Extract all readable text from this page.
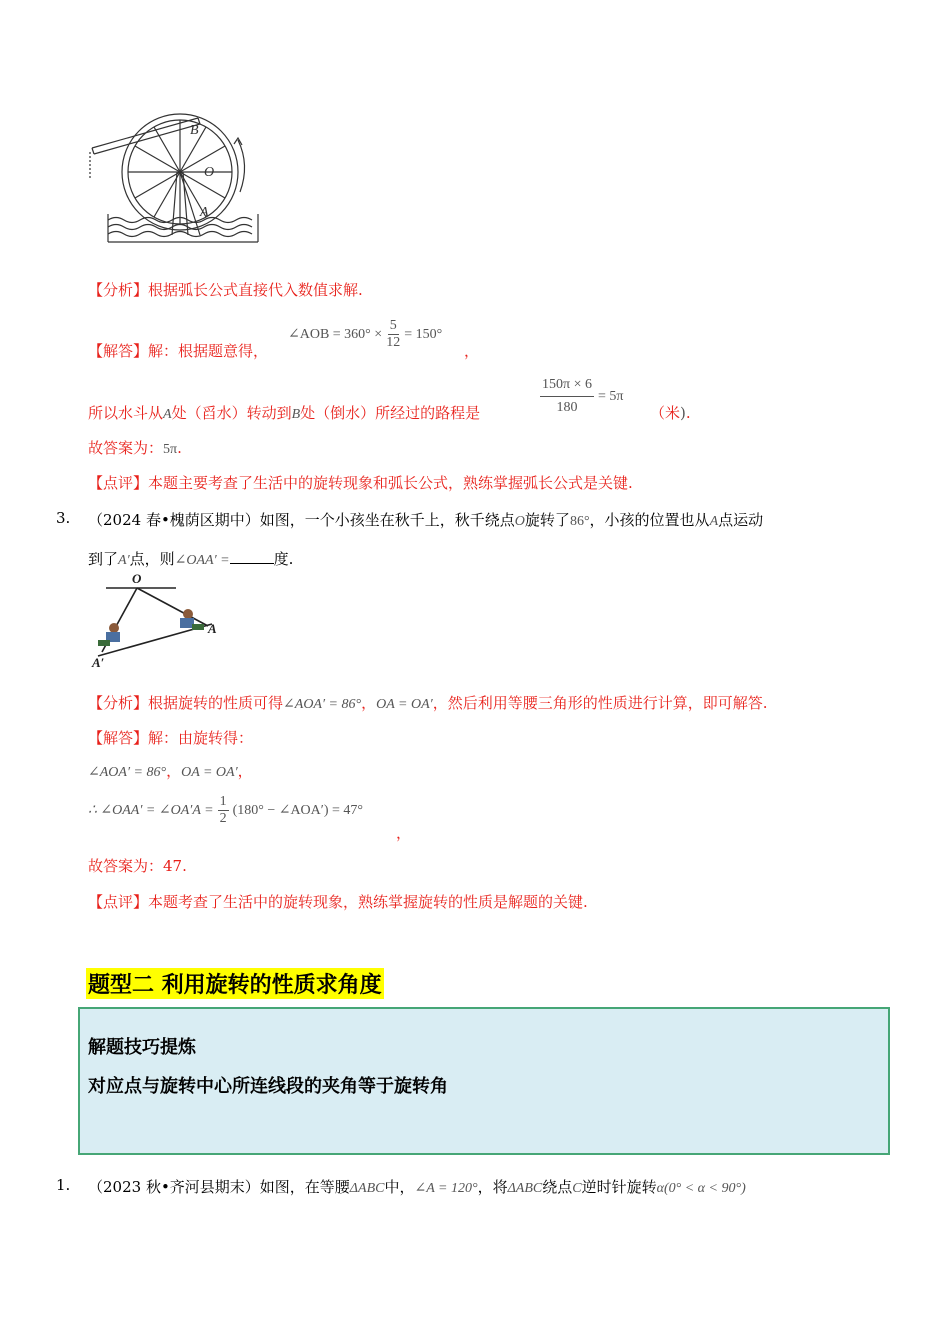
B
O
A
【分析】根据弧长公式直接代入数值求解.
【解答】解：根据题意得，
∠AOB = $360^\circ \times \frac{5}{12} = 150^\circ$
，
所以水斗从A处（舀水）转动到B处（倒水）所经过的路程是	$\frac{150\pi \times 6}{180} = 5\pi$
（米).
故答案为：5π.
【点评】本题主要考查了生活中的旋转现象和弧长公式，熟练掌握弧长公式是关键.
3. （2024 春•槐荫区期中）如图，一个小孩坐在秋千上，秋千绕点O旋转了86°，小孩的位置也从A点运动
到了A′点，则∠OAA′ =	度.
O
A
A′
【分析】根据旋转的性质可得∠AOA′ = 86°，OA = OA′，然后利用等腰三角形的性质进行计算，即可解答.
【解答】解：由旋转得：
∠AOA′ = 86°，OA = OA′，
∴ ∠OAA′ = ∠OA′A = $\frac{1}{2} (180^\circ$ − ∠AOA′) = 47°
，
故答案为：47.
【点评】本题考查了生活中的旋转现象，熟练掌握旋转的性质是解题的关键.
题型二 利用旋转的性质求角度
解题技巧提炼
对应点与旋转中心所连线段的夹角等于旋转角
1. （2023 秋•齐河县期末）如图，在等腰ΔABC中，∠A = 120°，将ΔABC绕点C逆时针旋转α(0° < α < 90°)
